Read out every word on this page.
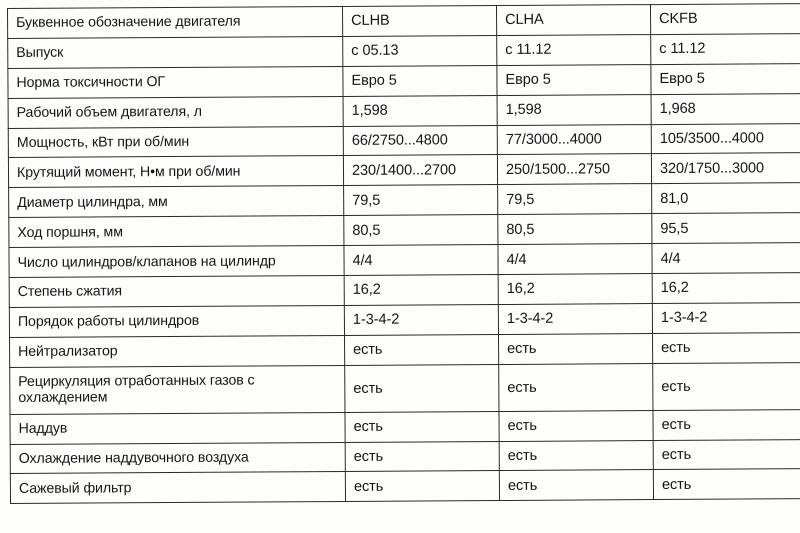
Буквенное обозначение двигателя	CLHB	CLHA	CKFB
Выпуск	с 05.13	с 11.12	с 11.12
Норма токсичности ОГ	Евро 5	Евро 5	Евро 5
Рабочий объем двигателя, л	1,598	1,598	1,968
Мощность, кВт при об/мин	66/2750...4800	77/3000...4000	105/3500...4000
Крутящий момент, Н•м при об/мин	230/1400...2700	250/1500...2750	320/1750...3000
Диаметр цилиндра, мм	79,5	79,5	81,0
Ход поршня, мм	80,5	80,5	95,5
Число цилиндров/клапанов на цилиндр	4/4	4/4	4/4
Степень сжатия	16,2	16,2	16,2
Порядок работы цилиндров	1-3-4-2	1-3-4-2	1-3-4-2
Нейтрализатор	есть	есть	есть
Рециркуляция отработанных газов с охлаждением	есть	есть	есть
Наддув	есть	есть	есть
Охлаждение наддувочного воздуха	есть	есть	есть
Сажевый фильтр	есть	есть	есть
